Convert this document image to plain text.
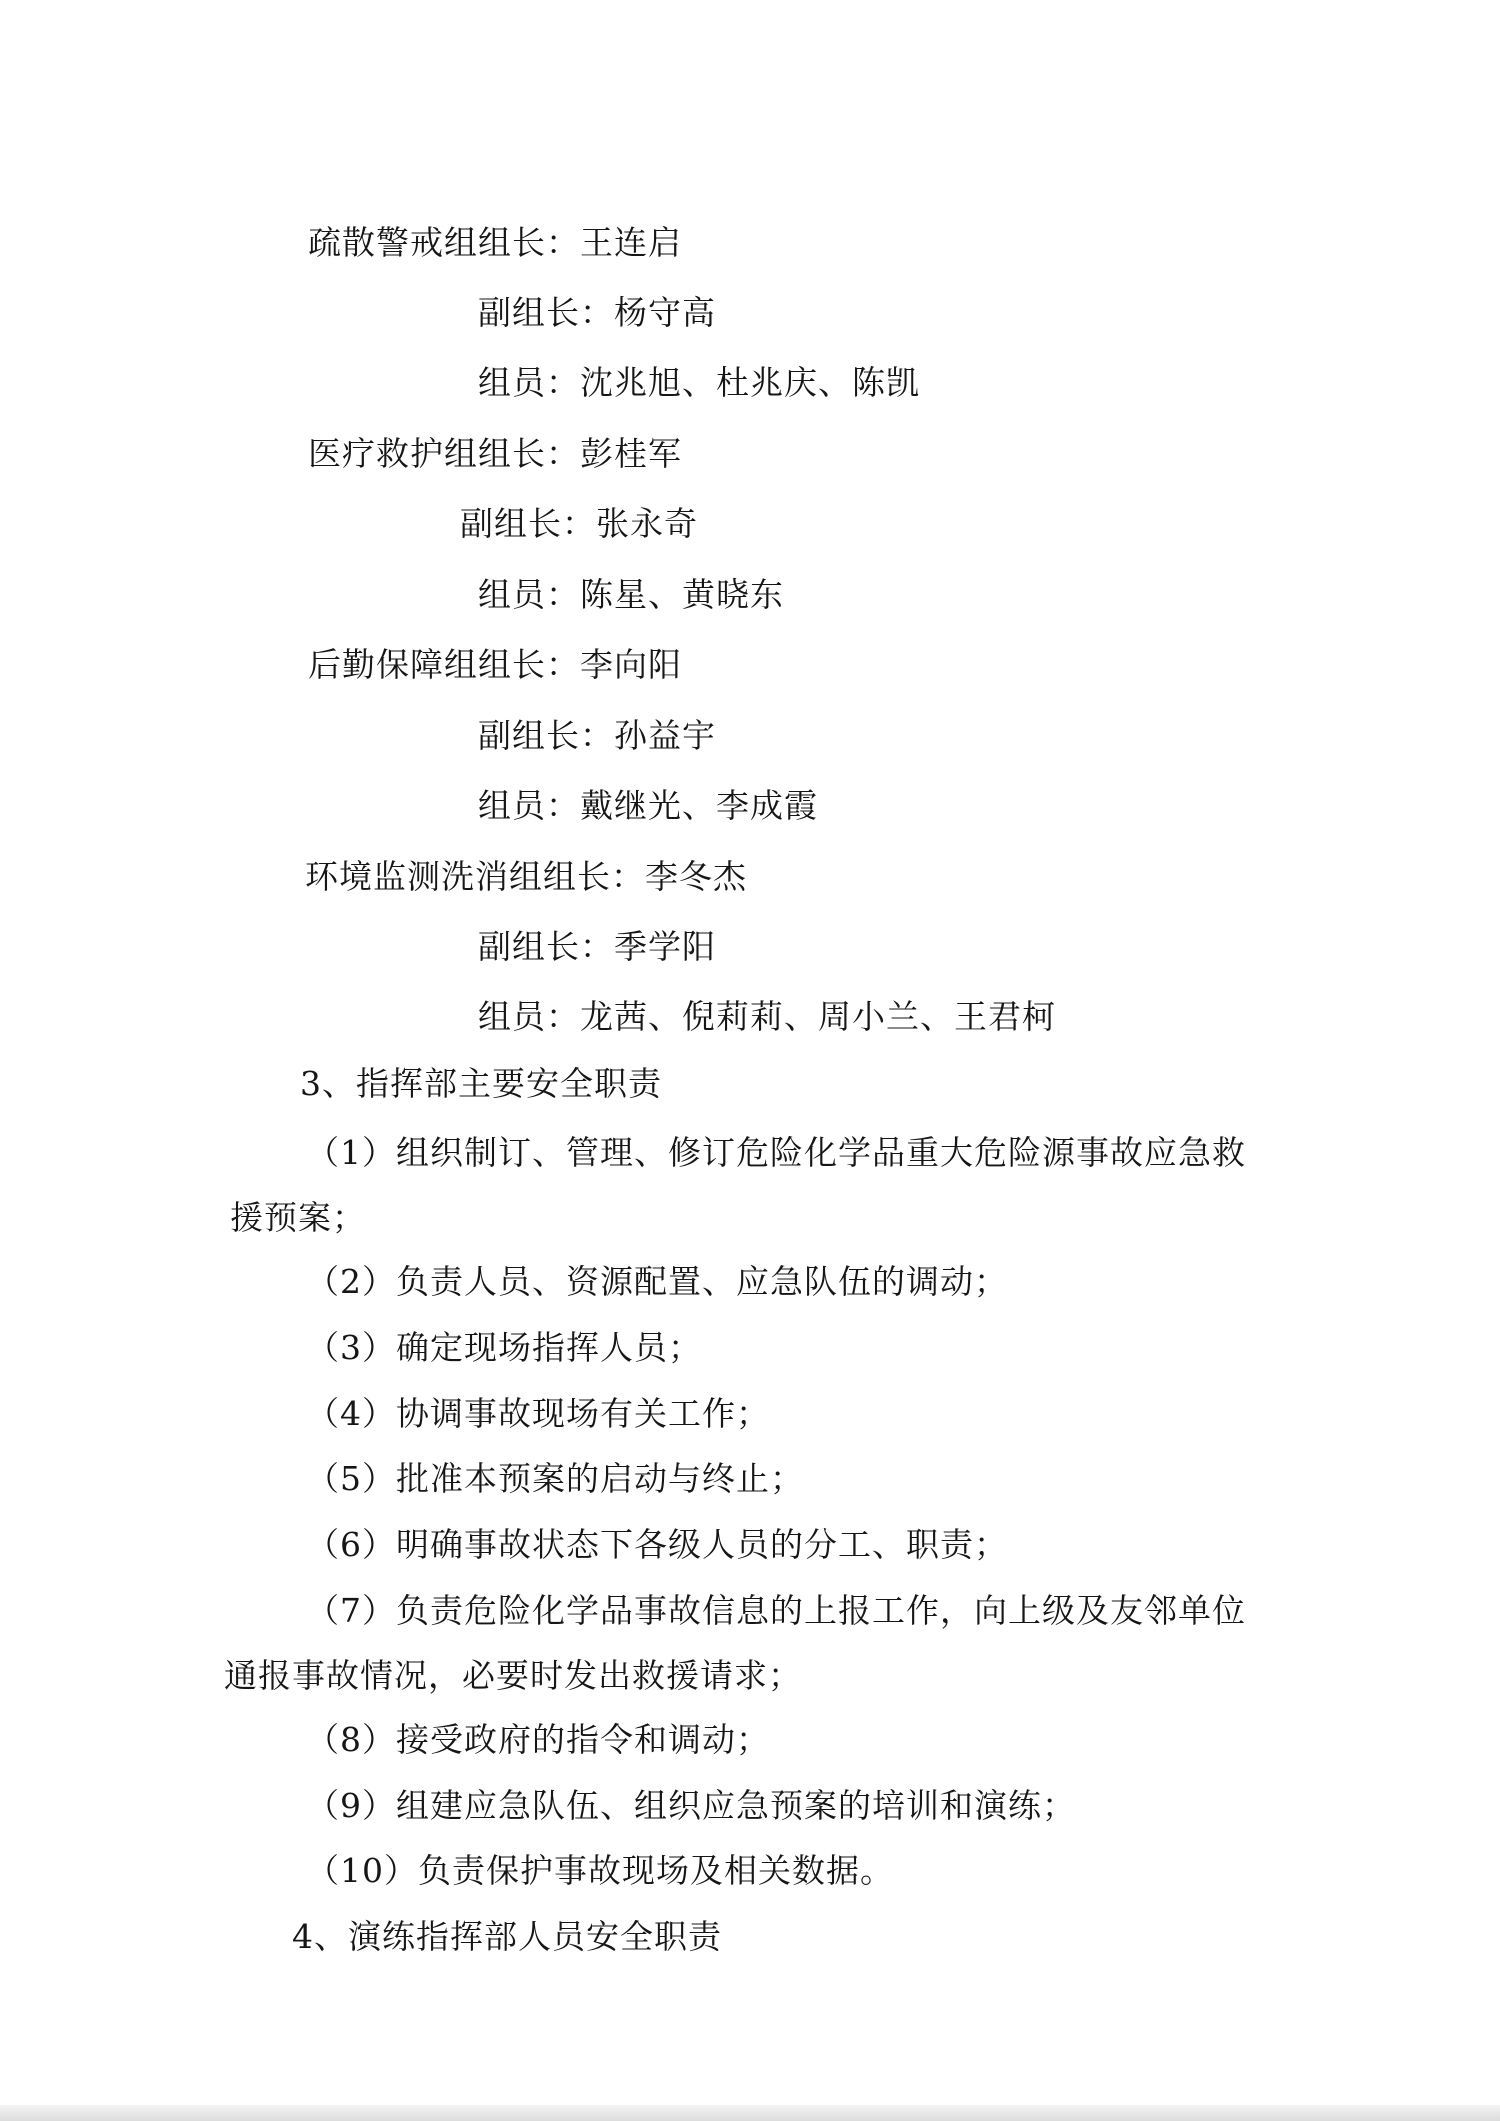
疏散警戒组组长：王连启
副组长：杨守高
组员：沈兆旭、杜兆庆、陈凯
医疗救护组组长：彭桂军
副组长：张永奇
组员：陈星、黄晓东
后勤保障组组长：李向阳
副组长：孙益宇
组员：戴继光、李成霞
环境监测洗消组组长：李冬杰
副组长：季学阳
组员：龙茜、倪莉莉、周小兰、王君柯
3、指挥部主要安全职责
（1）组织制订、管理、修订危险化学品重大危险源事故应急救
援预案；
（2）负责人员、资源配置、应急队伍的调动；
（3）确定现场指挥人员；
（4）协调事故现场有关工作；
（5）批准本预案的启动与终止；
（6）明确事故状态下各级人员的分工、职责；
（7）负责危险化学品事故信息的上报工作，向上级及友邻单位
通报事故情况，必要时发出救援请求；
（8）接受政府的指令和调动；
（9）组建应急队伍、组织应急预案的培训和演练；
（10）负责保护事故现场及相关数据。
4、演练指挥部人员安全职责
